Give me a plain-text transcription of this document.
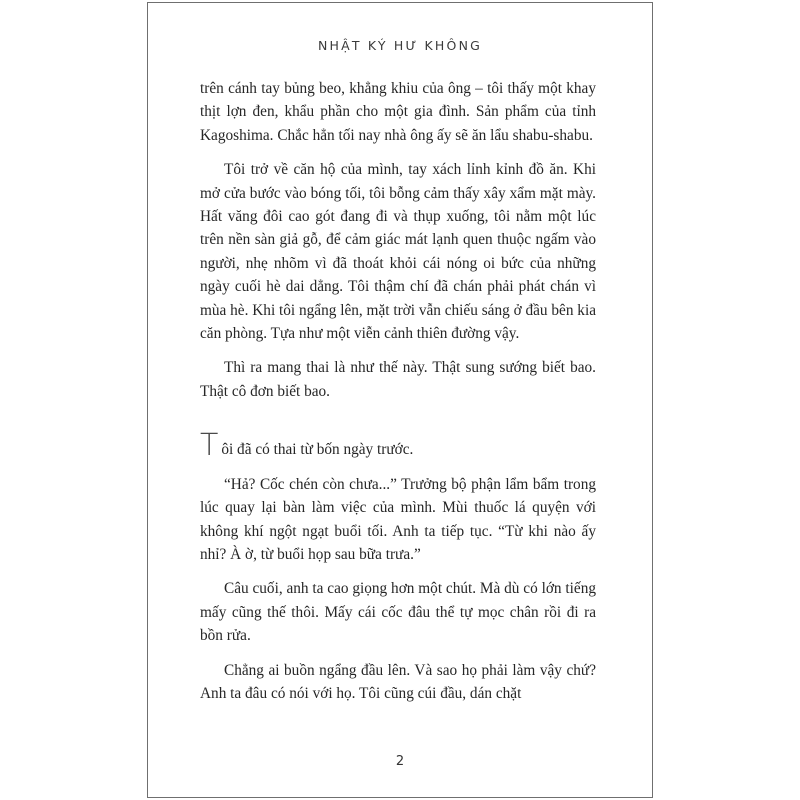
NHẬT KÝ HƯ KHÔNG

trên cánh tay bủng beo, khẳng khiu của ông – tôi thấy một khay thịt lợn đen, khẩu phần cho một gia đình. Sản phẩm của tỉnh Kagoshima. Chắc hẳn tối nay nhà ông ấy sẽ ăn lẩu shabu-shabu.

Tôi trở về căn hộ của mình, tay xách lỉnh kỉnh đồ ăn. Khi mở cửa bước vào bóng tối, tôi bỗng cảm thấy xây xẩm mặt mày. Hất văng đôi cao gót đang đi và thụp xuống, tôi nằm một lúc trên nền sàn giả gỗ, để cảm giác mát lạnh quen thuộc ngấm vào người, nhẹ nhõm vì đã thoát khỏi cái nóng oi bức của những ngày cuối hè dai dẳng. Tôi thậm chí đã chán phải phát chán vì mùa hè. Khi tôi ngẩng lên, mặt trời vẫn chiếu sáng ở đầu bên kia căn phòng. Tựa như một viễn cảnh thiên đường vậy.

Thì ra mang thai là như thế này. Thật sung sướng biết bao. Thật cô đơn biết bao.

Tôi đã có thai từ bốn ngày trước.

“Hả? Cốc chén còn chưa...” Trưởng bộ phận lẩm bẩm trong lúc quay lại bàn làm việc của mình. Mùi thuốc lá quyện với không khí ngột ngạt buổi tối. Anh ta tiếp tục. “Từ khi nào ấy nhỉ? À ờ, từ buổi họp sau bữa trưa.”

Câu cuối, anh ta cao giọng hơn một chút. Mà dù có lớn tiếng mấy cũng thế thôi. Mấy cái cốc đâu thể tự mọc chân rồi đi ra bồn rửa.

Chẳng ai buồn ngẩng đầu lên. Và sao họ phải làm vậy chứ? Anh ta đâu có nói với họ. Tôi cũng cúi đầu, dán chặt

2
